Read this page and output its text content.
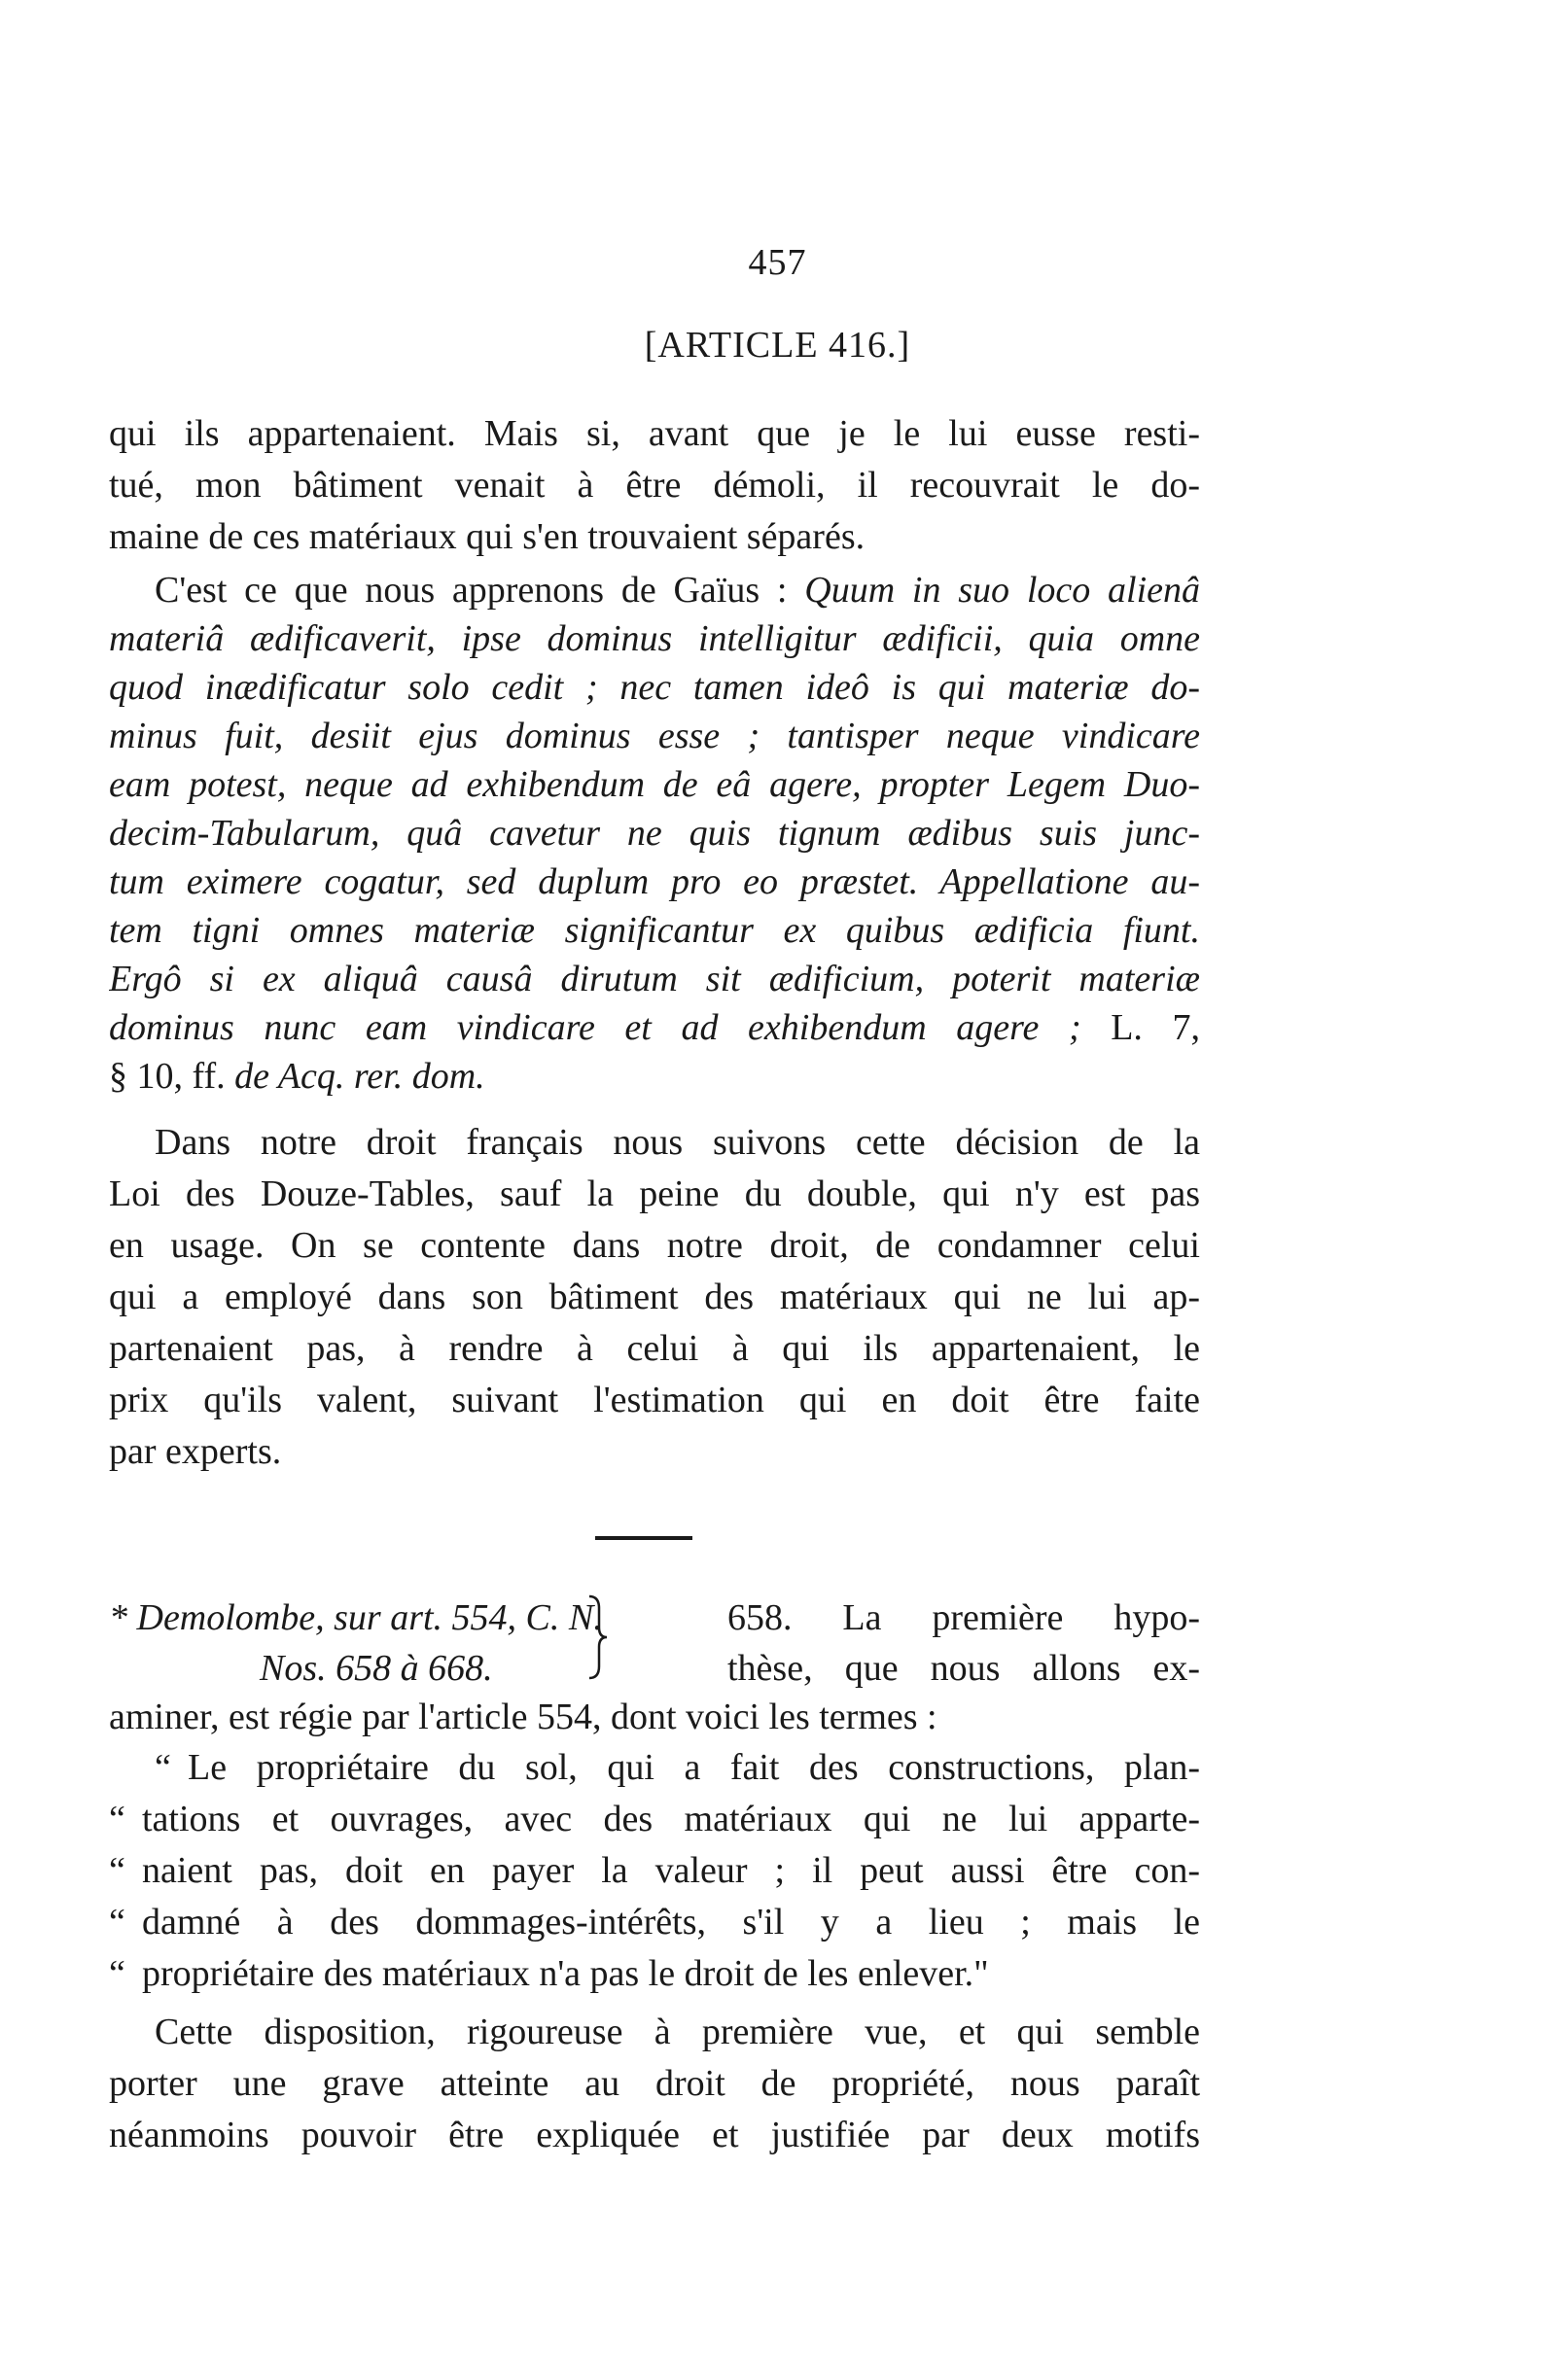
457
[ARTICLE 416.]
qui ils appartenaient. Mais si, avant que je le lui eusse resti-
tué, mon bâtiment venait à être démoli, il recouvrait le do-
maine de ces matériaux qui s'en trouvaient séparés.
C'est ce que nous apprenons de Gaïus : Quum in suo loco alienâ
materiâ ædificaverit, ipse dominus intelligitur ædificii, quia omne
quod inædificatur solo cedit ; nec tamen ideô is qui materiæ do-
minus fuit, desiit ejus dominus esse ; tantisper neque vindicare
eam potest, neque ad exhibendum de eâ agere, propter Legem Duo-
decim-Tabularum, quâ cavetur ne quis tignum ædibus suis junc-
tum eximere cogatur, sed duplum pro eo præstet. Appellatione au-
tem tigni omnes materiæ significantur ex quibus ædificia fiunt.
Ergô si ex aliquâ causâ dirutum sit ædificium, poterit materiæ
dominus nunc eam vindicare et ad exhibendum agere ; L. 7,
§ 10, ff. de Acq. rer. dom.
Dans notre droit français nous suivons cette décision de la
Loi des Douze-Tables, sauf la peine du double, qui n'y est pas
en usage. On se contente dans notre droit, de condamner celui
qui a employé dans son bâtiment des matériaux qui ne lui ap-
partenaient pas, à rendre à celui à qui ils appartenaient, le
prix qu'ils valent, suivant l'estimation qui en doit être faite
par experts.
* Demolombe, sur art. 554, C. N.	658. La première hypo-
Nos. 658 à 668.	thèse, que nous allons ex-
aminer, est régie par l'article 554, dont voici les termes :
“ Le propriétaire du sol, qui a fait des constructions, plan-
“ tations et ouvrages, avec des matériaux qui ne lui apparte-
“ naient pas, doit en payer la valeur ; il peut aussi être con-
“ damné à des dommages-intérêts, s'il y a lieu ; mais le
“ propriétaire des matériaux n'a pas le droit de les enlever."
Cette disposition, rigoureuse à première vue, et qui semble
porter une grave atteinte au droit de propriété, nous paraît
néanmoins pouvoir être expliquée et justifiée par deux motifs
